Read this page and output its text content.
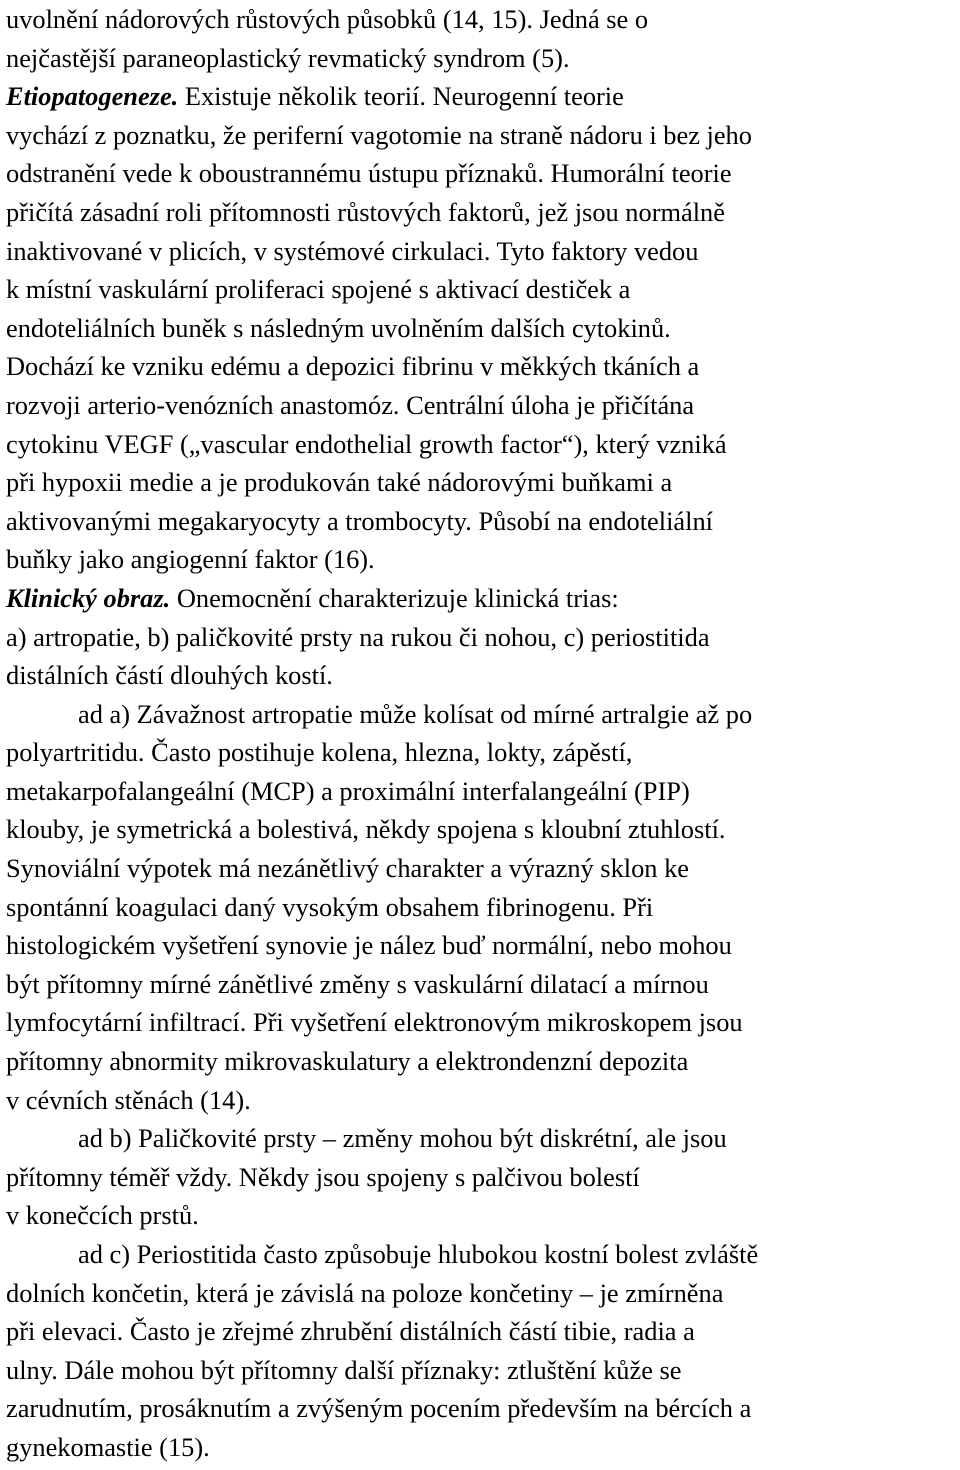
uvolnění nádorových růstových působků (14, 15). Jedná se o
nejčastější paraneoplastický revmatický syndrom (5).
Etiopatogeneze. Existuje několik teorií. Neurogenní teorie
vychází z poznatku, že periferní vagotomie na straně nádoru i bez jeho
odstranění vede k oboustrannému ústupu příznaků. Humorální teorie
přičítá zásadní roli přítomnosti růstových faktorů, jež jsou normálně
inaktivované v plicích, v systémové cirkulaci. Tyto faktory vedou
k místní vaskulární proliferaci spojené s aktivací destiček a
endoteliálních buněk s následným uvolněním dalších cytokinů.
Dochází ke vzniku edému a depozici fibrinu v měkkých tkáních a
rozvoji arterio-venózních anastomóz. Centrální úloha je přičítána
cytokinu VEGF („vascular endothelial growth factor“), který vzniká
při hypoxii medie a je produkován také nádorovými buňkami a
aktivovanými megakaryocyty a trombocyty. Působí na endoteliální
buňky jako angiogenní faktor (16).
Klinický obraz. Onemocnění charakterizuje klinická trias:
a) artropatie, b) paličkovité prsty na rukou či nohou, c) periostitida
distálních částí dlouhých kostí.
ad a) Závažnost artropatie může kolísat od mírné artralgie až po
polyartritidu. Často postihuje kolena, hlezna, lokty, zápěstí,
metakarpofalangeální (MCP) a proximální interfalangeální (PIP)
klouby, je symetrická a bolestivá, někdy spojena s kloubní ztuhlostí.
Synoviální výpotek má nezánětlivý charakter a výrazný sklon ke
spontánní koagulaci daný vysokým obsahem fibrinogenu. Při
histologickém vyšetření synovie je nález buď normální, nebo mohou
být přítomny mírné zánětlivé změny s vaskulární dilatací a mírnou
lymfocytární infiltrací. Při vyšetření elektronovým mikroskopem jsou
přítomny abnormity mikrovaskulatury a elektrondenzní depozita
v cévních stěnách (14).
ad b) Paličkovité prsty – změny mohou být diskrétní, ale jsou
přítomny téměř vždy. Někdy jsou spojeny s palčivou bolestí
v konečcích prstů.
ad c) Periostitida často způsobuje hlubokou kostní bolest zvláště
dolních končetin, která je závislá na poloze končetiny – je zmírněna
při elevaci. Často je zřejmé zhrubění distálních částí tibie, radia a
ulny. Dále mohou být přítomny další příznaky: ztluštění kůže se
zarudnutím, prosáknutím a zvýšeným pocením především na bércích a
gynekomastie (15).
